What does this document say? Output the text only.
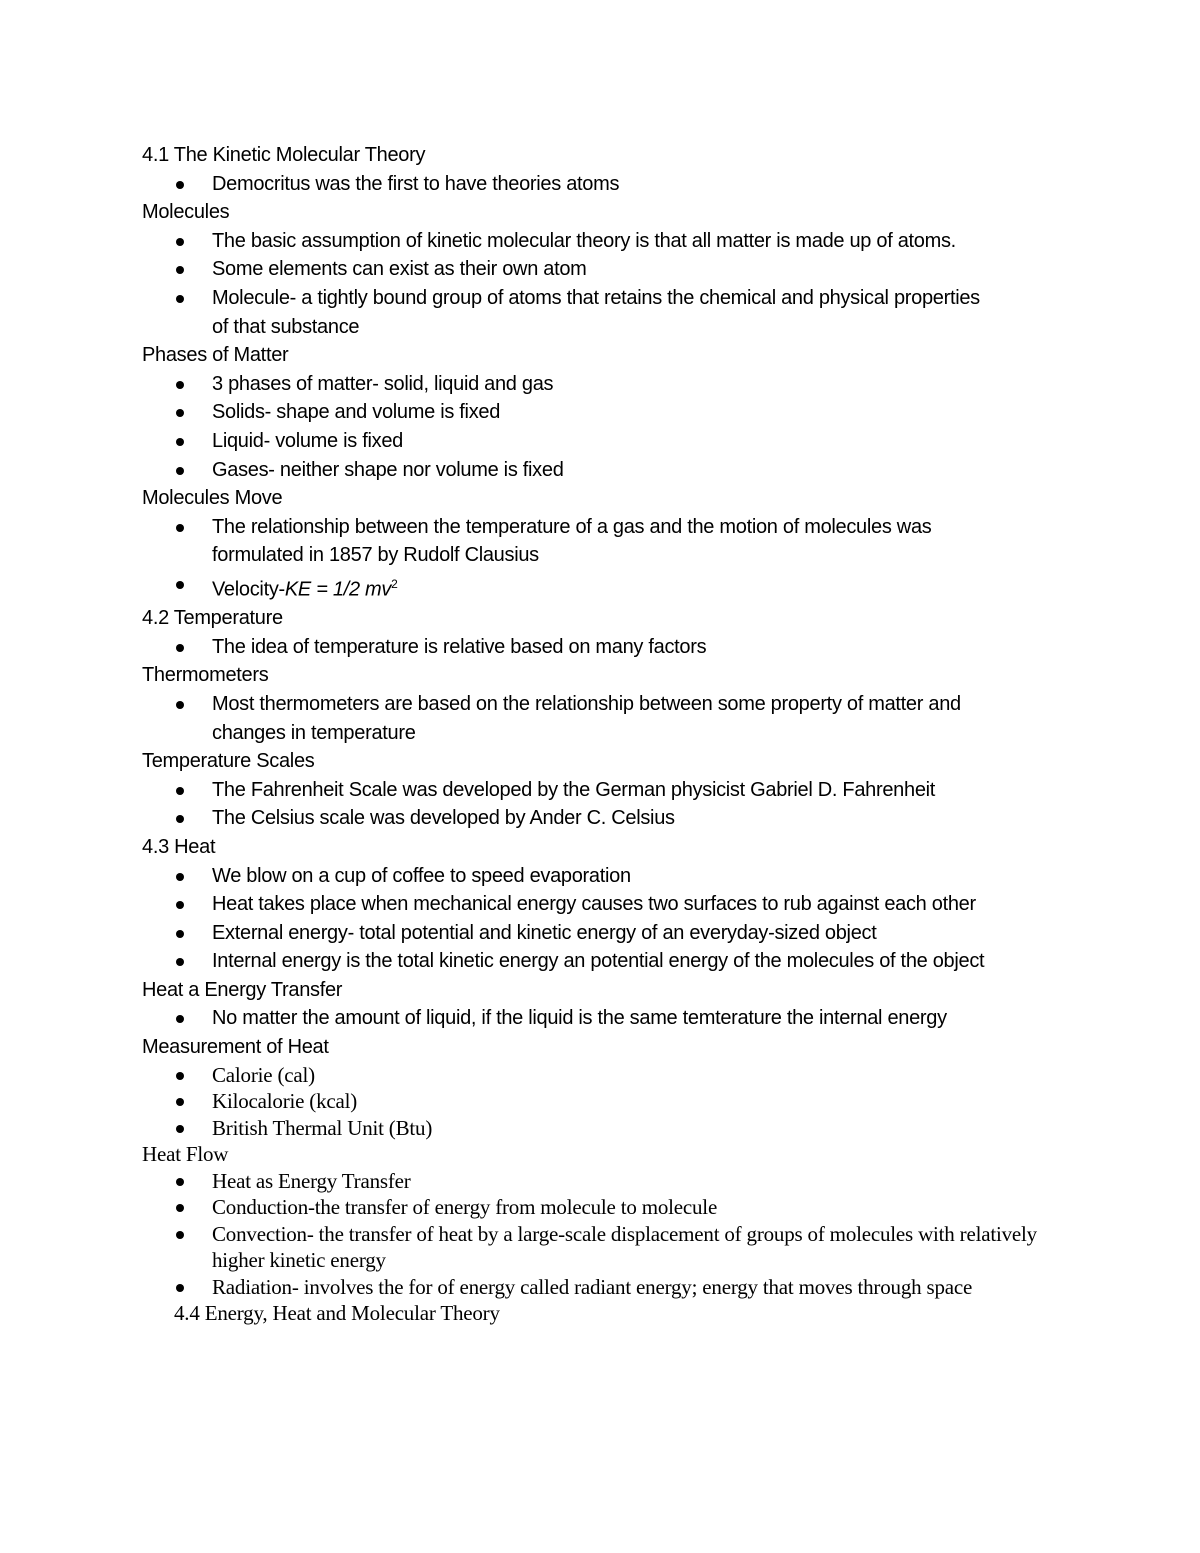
4.1 The Kinetic Molecular Theory
Democritus was the first to have theories atoms
Molecules
The basic assumption of kinetic molecular theory is that all matter is made up of atoms.
Some elements can exist as their own atom
Molecule- a tightly bound group of atoms that retains the chemical and physical properties of that substance
Phases of Matter
3 phases of matter- solid, liquid and gas
Solids- shape and volume is fixed
Liquid- volume is fixed
Gases- neither shape nor volume is fixed
Molecules Move
The relationship between the temperature of a gas and the motion of molecules was formulated in 1857 by Rudolf Clausius
Velocity-KE = 1/2 $mv^2$
4.2 Temperature
The idea of temperature is relative based on many factors
Thermometers
Most thermometers are based on the relationship between some property of matter and changes in temperature
Temperature Scales
The Fahrenheit Scale was developed by the German physicist Gabriel D. Fahrenheit
The Celsius scale was developed by Ander C. Celsius
4.3 Heat
We blow on a cup of coffee to speed evaporation
Heat takes place when mechanical energy causes two surfaces to rub against each other
External energy- total potential and kinetic energy of an everyday-sized object
Internal energy is the total kinetic energy an potential energy of the molecules of the object
Heat a Energy Transfer
No matter the amount of liquid, if the liquid is the same temterature the internal energy
Measurement of Heat
Calorie (cal)
Kilocalorie (kcal)
British Thermal Unit (Btu)
Heat Flow
Heat as Energy Transfer
Conduction-the transfer of energy from molecule to molecule
Convection- the transfer of heat by a large-scale displacement of groups of molecules with relatively higher kinetic energy
Radiation- involves the for of energy called radiant energy; energy that moves through space
4.4 Energy, Heat and Molecular Theory
